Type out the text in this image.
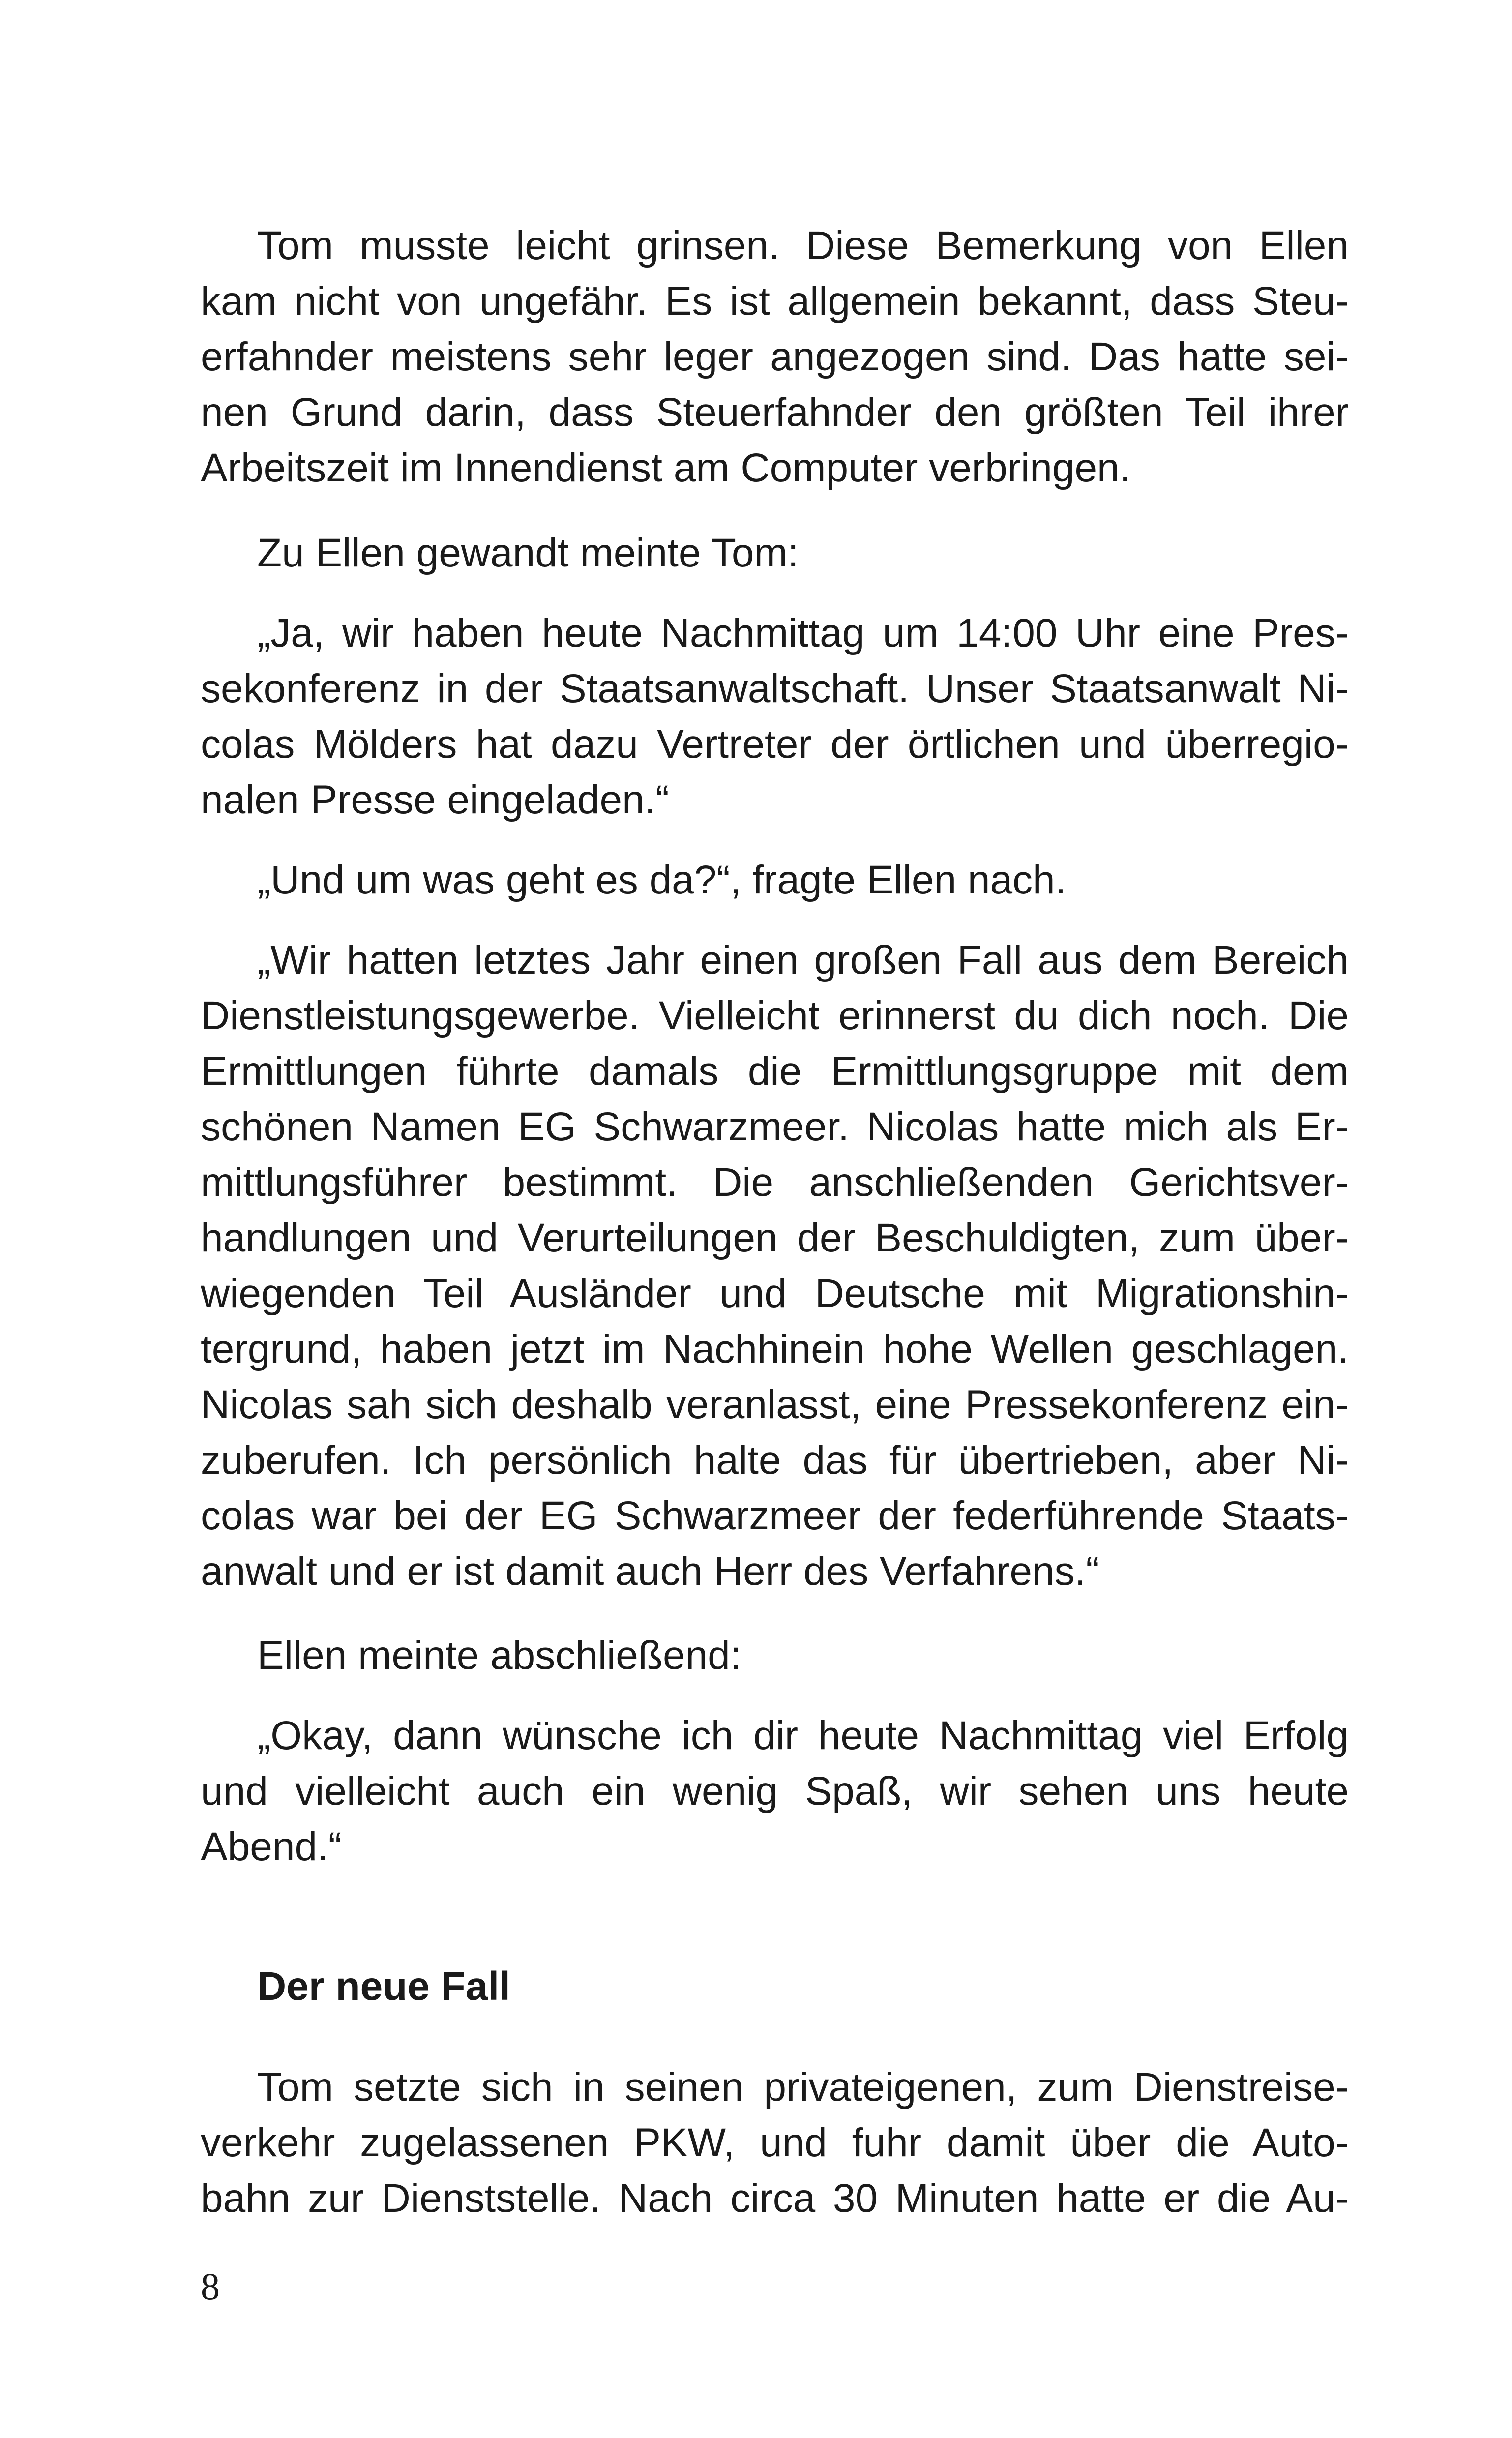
Tom musste leicht grinsen. Diese Bemerkung von Ellen
kam nicht von ungefähr. Es ist allgemein bekannt, dass Steu-
erfahnder meistens sehr leger angezogen sind. Das hatte sei-
nen Grund darin, dass Steuerfahnder den größten Teil ihrer
Arbeitszeit im Innendienst am Computer verbringen.
Zu Ellen gewandt meinte Tom:
„Ja, wir haben heute Nachmittag um 14:00 Uhr eine Pres-
sekonferenz in der Staatsanwaltschaft. Unser Staatsanwalt Ni-
colas Mölders hat dazu Vertreter der örtlichen und überregio-
nalen Presse eingeladen.“
„Und um was geht es da?“, fragte Ellen nach.
„Wir hatten letztes Jahr einen großen Fall aus dem Bereich
Dienstleistungsgewerbe. Vielleicht erinnerst du dich noch. Die
Ermittlungen führte damals die Ermittlungsgruppe mit dem
schönen Namen EG Schwarzmeer. Nicolas hatte mich als Er-
mittlungsführer bestimmt. Die anschließenden Gerichtsver-
handlungen und Verurteilungen der Beschuldigten, zum über-
wiegenden Teil Ausländer und Deutsche mit Migrationshin-
tergrund, haben jetzt im Nachhinein hohe Wellen geschlagen.
Nicolas sah sich deshalb veranlasst, eine Pressekonferenz ein-
zuberufen. Ich persönlich halte das für übertrieben, aber Ni-
colas war bei der EG Schwarzmeer der federführende Staats-
anwalt und er ist damit auch Herr des Verfahrens.“
Ellen meinte abschließend:
„Okay, dann wünsche ich dir heute Nachmittag viel Erfolg
und vielleicht auch ein wenig Spaß, wir sehen uns heute
Abend.“
Der neue Fall
Tom setzte sich in seinen privateigenen, zum Dienstreise-
verkehr zugelassenen PKW, und fuhr damit über die Auto-
bahn zur Dienststelle. Nach circa 30 Minuten hatte er die Au-
8
